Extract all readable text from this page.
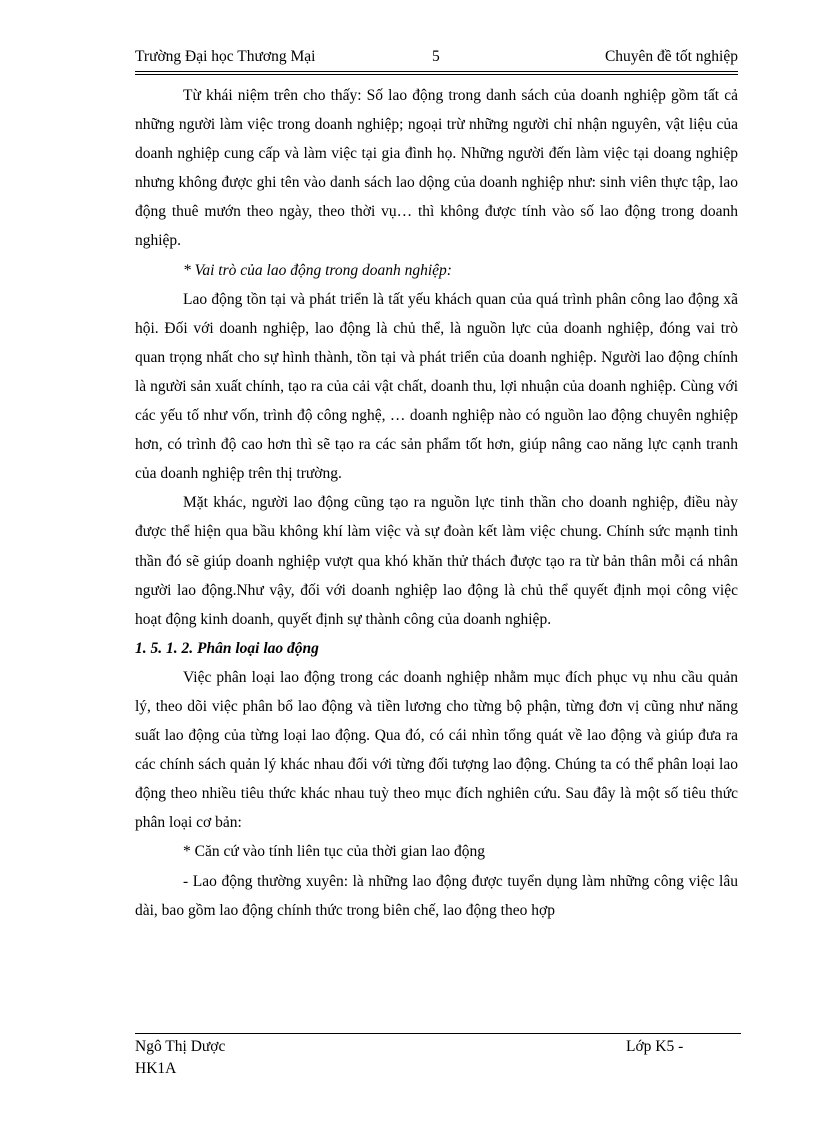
Trường Đại học Thương Mại	5	Chuyên đề tốt nghiệp

Từ khái niệm trên cho thấy: Số lao động trong danh sách của doanh nghiệp gồm tất cả những người làm việc trong doanh nghiệp; ngoại trừ những người chỉ nhận nguyên, vật liệu của doanh nghiệp cung cấp và làm việc tại gia đình họ. Những người đến làm việc tại doang nghiệp nhưng không được ghi tên vào danh sách lao dộng của doanh nghiệp như: sinh viên thực tập, lao động thuê mướn theo ngày, theo thời vụ… thì không được tính vào số lao động trong doanh nghiệp.

* Vai trò của lao động trong doanh nghiệp:

Lao động tồn tại và phát triển là tất yếu khách quan của quá trình phân công lao động xã hội. Đối với doanh nghiệp, lao động là chủ thể, là nguồn lực của doanh nghiệp, đóng vai trò quan trọng nhất cho sự hình thành, tồn tại và phát triển của doanh nghiệp. Người lao động chính là người sản xuất chính, tạo ra của cải vật chất, doanh thu, lợi nhuận của doanh nghiệp. Cùng với các yếu tố như vốn, trình độ công nghệ, … doanh nghiệp nào có nguồn lao động chuyên nghiệp hơn, có trình độ cao hơn thì sẽ tạo ra các sản phẩm tốt hơn, giúp nâng cao năng lực cạnh tranh của doanh nghiệp trên thị trường.

Mặt khác, người lao động cũng tạo ra nguồn lực tinh thần cho doanh nghiệp, điều này được thể hiện qua bầu không khí làm việc và sự đoàn kết làm việc chung. Chính sức mạnh tinh thần đó sẽ giúp doanh nghiệp vượt qua khó khăn thử thách được tạo ra từ bản thân mỗi cá nhân người lao động.Như vậy, đối với doanh nghiệp lao động là chủ thể quyết định mọi công việc hoạt động kinh doanh, quyết định sự thành công của doanh nghiệp.

1. 5. 1. 2. Phân loại lao động

Việc phân loại lao động trong các doanh nghiệp nhằm mục đích phục vụ nhu cầu quản lý, theo dõi việc phân bổ lao động và tiền lương cho từng bộ phận, từng đơn vị cũng như năng suất lao động của từng loại lao động. Qua đó, có cái nhìn tổng quát về lao động và giúp đưa ra các chính sách quản lý khác nhau đối với từng đối tượng lao động. Chúng ta có thể phân loại lao động theo nhiều tiêu thức khác nhau tuỳ theo mục đích nghiên cứu. Sau đây là một số tiêu thức phân loại cơ bản:

* Căn cứ vào tính liên tục của thời gian lao động

- Lao động thường xuyên: là những lao động được tuyển dụng làm những công việc lâu dài, bao gồm lao động chính thức trong biên chế, lao động theo hợp

Ngô Thị Dược	Lớp K5 -
HK1A
